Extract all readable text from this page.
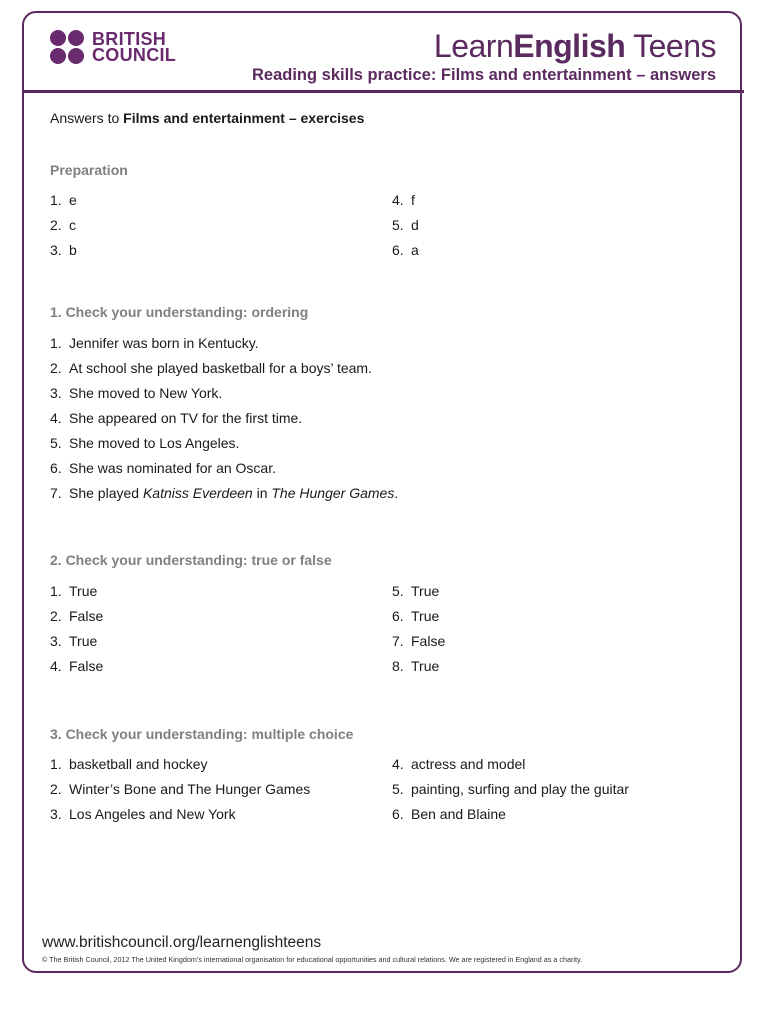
BRITISH
COUNCIL	LearnEnglish Teens
Reading skills practice: Films and entertainment – answers
Answers to Films and entertainment – exercises
Preparation
1. e
2. c
3. b
4. f
5. d
6. a
1. Check your understanding: ordering
1. Jennifer was born in Kentucky.
2. At school she played basketball for a boys’ team.
3. She moved to New York.
4. She appeared on TV for the first time.
5. She moved to Los Angeles.
6. She was nominated for an Oscar.
7. She played Katniss Everdeen in The Hunger Games.
2. Check your understanding: true or false
1. True
2. False
3. True
4. False
5. True
6. True
7. False
8. True
3. Check your understanding: multiple choice
1. basketball and hockey
2. Winter’s Bone and The Hunger Games
3. Los Angeles and New York
4. actress and model
5. painting, surfing and play the guitar
6. Ben and Blaine
www.britishcouncil.org/learnenglishteens
© The British Council, 2012 The United Kingdom’s international organisation for educational opportunities and cultural relations. We are registered in England as a charity.
